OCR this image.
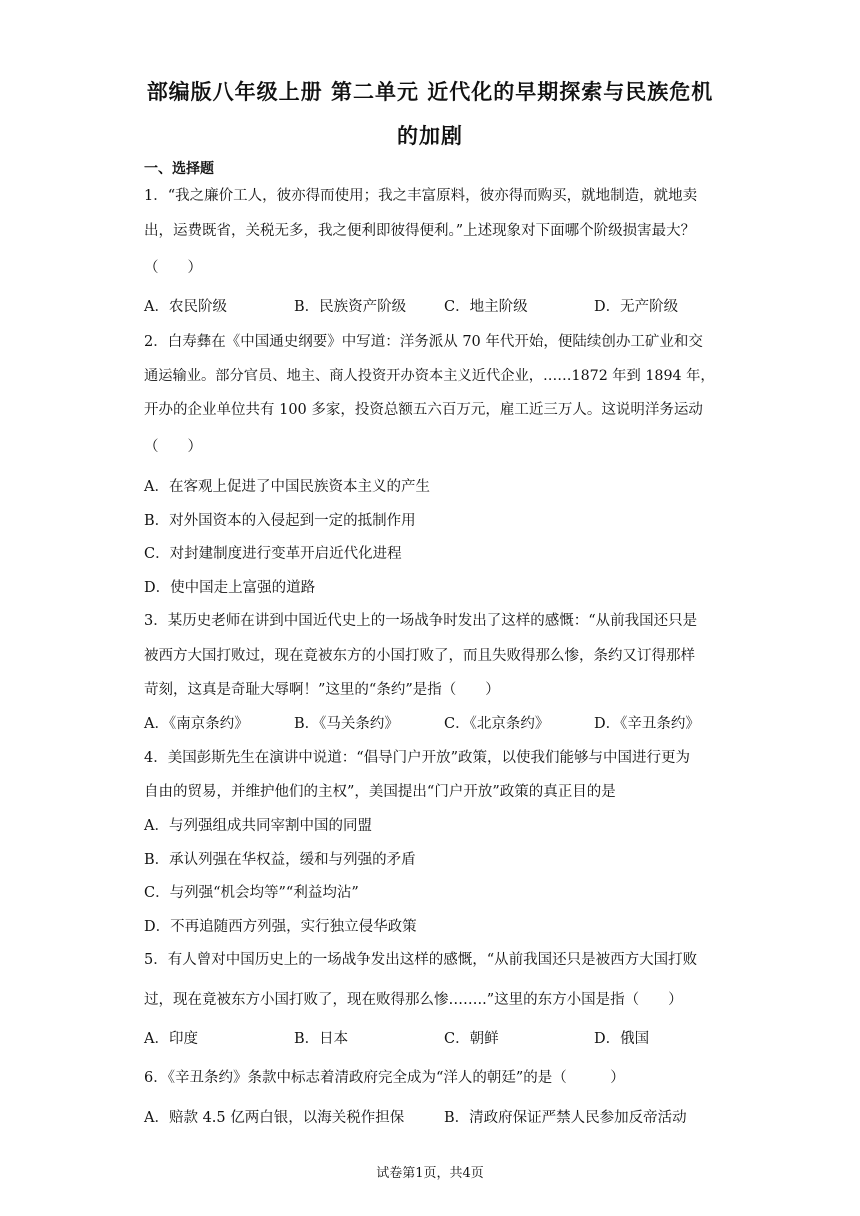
部编版八年级上册 第二单元 近代化的早期探索与民族危机
的加剧
一、选择题
1．“我之廉价工人，彼亦得而使用；我之丰富原料，彼亦得而购买，就地制造，就地卖
出，运费既省，关税无多，我之便利即彼得便利。”上述现象对下面哪个阶级损害最大？
（　　）
A．农民阶级	B．民族资产阶级	C．地主阶级	D．无产阶级
2．白寿彝在《中国通史纲要》中写道：洋务派从 70 年代开始，便陆续创办工矿业和交
通运输业。部分官员、地主、商人投资开办资本主义近代企业，……1872 年到 1894 年，
开办的企业单位共有 100 多家，投资总额五六百万元，雇工近三万人。这说明洋务运动
（　　）
A．在客观上促进了中国民族资本主义的产生
B．对外国资本的入侵起到一定的抵制作用
C．对封建制度进行变革开启近代化进程
D．使中国走上富强的道路
3．某历史老师在讲到中国近代史上的一场战争时发出了这样的感慨：“从前我国还只是
被西方大国打败过，现在竟被东方的小国打败了，而且失败得那么惨，条约又订得那样
苛刻，这真是奇耻大辱啊！”这里的“条约”是指（　　）
A．《南京条约》	B．《马关条约》	C．《北京条约》	D．《辛丑条约》
4．美国彭斯先生在演讲中说道：“倡导门户开放”政策，以使我们能够与中国进行更为
自由的贸易，并维护他们的主权”，美国提出“门户开放”政策的真正目的是
A．与列强组成共同宰割中国的同盟
B．承认列强在华权益，缓和与列强的矛盾
C．与列强“机会均等”“利益均沾”
D．不再追随西方列强，实行独立侵华政策
5．有人曾对中国历史上的一场战争发出这样的感慨，“从前我国还只是被西方大国打败
过，现在竟被东方小国打败了，现在败得那么惨……..”这里的东方小国是指（　　）
A．印度	B．日本	C．朝鲜	D．俄国
6．《辛丑条约》条款中标志着清政府完全成为“洋人的朝廷”的是（　　　）
A．赔款 4.5 亿两白银，以海关税作担保	B．清政府保证严禁人民参加反帝活动
试卷第1页，共4页
